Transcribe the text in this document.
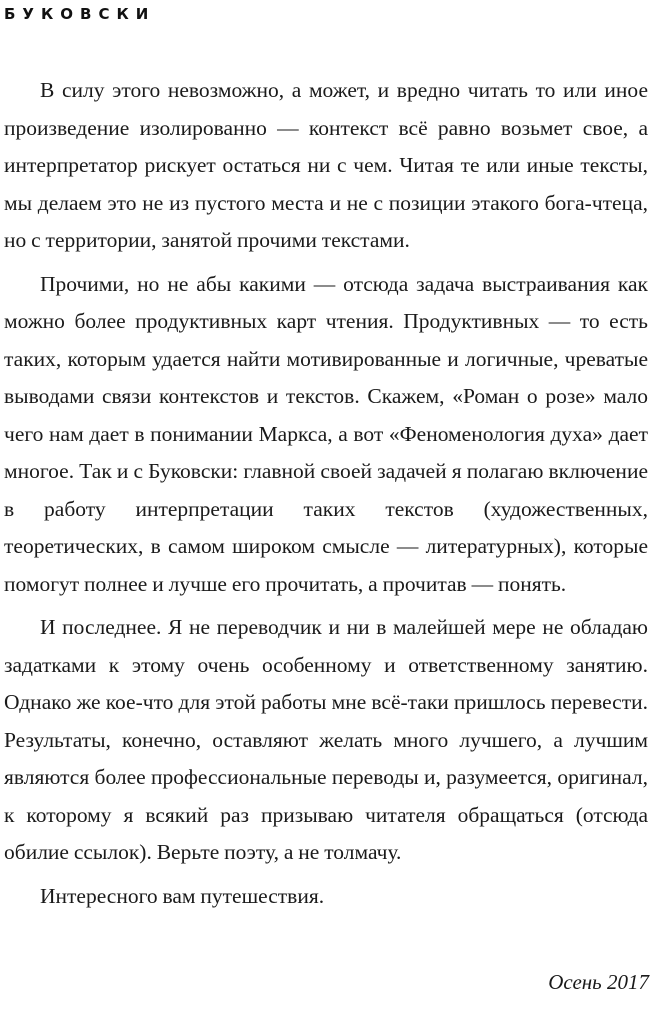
БУКОВСКИ

В силу этого невозможно, а может, и вредно читать то или иное произведение изолированно — контекст всё равно возьмет свое, а интерпретатор рискует остаться ни с чем. Читая те или иные тексты, мы делаем это не из пустого места и не с позиции этакого бога-чтеца, но с территории, занятой прочими текстами.

Прочими, но не абы какими — отсюда задача выстраивания как можно более продуктивных карт чтения. Продуктивных — то есть таких, которым удается найти мотивированные и логичные, чреватые выводами связи контекстов и текстов. Скажем, «Роман о розе» мало чего нам дает в понимании Маркса, а вот «Феноменология духа» дает многое. Так и с Буковски: главной своей задачей я полагаю включение в работу интерпретации таких текстов (художественных, теоретических, в самом широком смысле — литературных), которые помогут полнее и лучше его прочитать, а прочитав — понять.

И последнее. Я не переводчик и ни в малейшей мере не обладаю задатками к этому очень особенному и ответственному занятию. Однако же кое-что для этой работы мне всё-таки пришлось перевести. Результаты, конечно, оставляют желать много лучшего, а лучшим являются более профессиональные переводы и, разумеется, оригинал, к которому я всякий раз призываю читателя обращаться (отсюда обилие ссылок). Верьте поэту, а не толмачу.

Интересного вам путешествия.

Осень 2017
